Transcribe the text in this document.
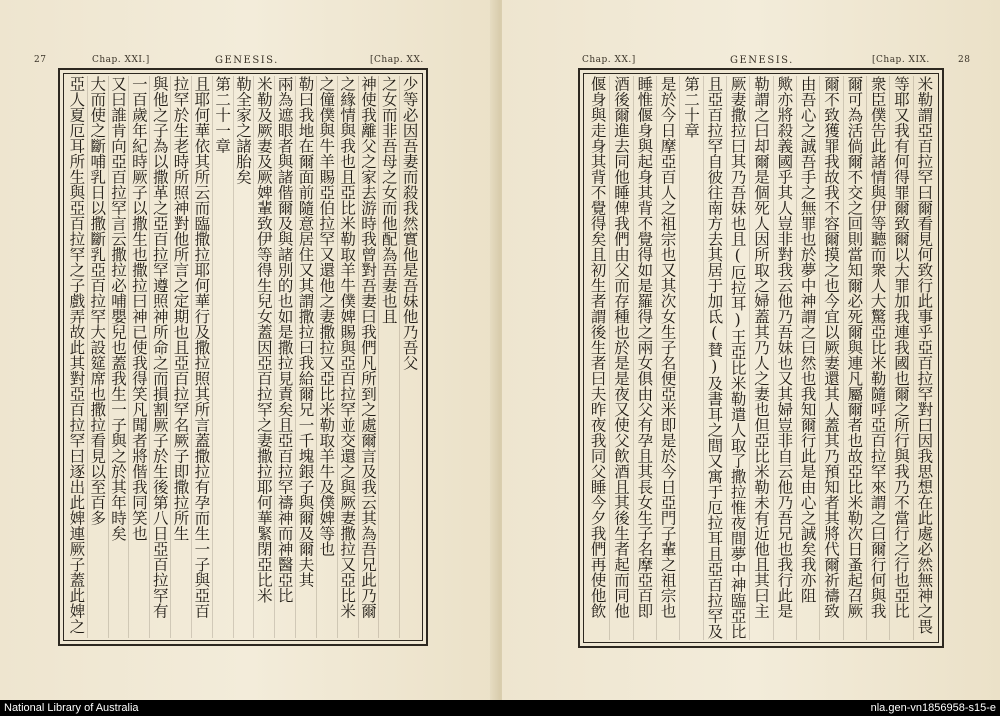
27	Chap. XXI.]	GENESIS.	[Chap. XX.
亞人夏厄耳所生與亞百拉罕之子戲弄故此其對亞百拉罕曰逐出此婢連厥子蓋此婢之 大而使之斷哺乳日以撒斷乳亞百拉罕大設筵席也撒拉看見以至百多 又曰誰肯向亞百拉罕言云撒拉必哺嬰兒也蓋我生一子與之於其年時矣 一百歲年紀時厥子以撒生也撒拉曰神已使我得笑凡聞者將偕我同笑也 與他之子為以撒革之亞百拉罕遵照神所命之而損割厥子於生後第八日亞百拉罕有 拉罕於生老時所照神對他所言之定期也且亞百拉罕名厥子即撒拉所生 且耶何華依其所云而臨撒拉耶何華行及撒拉照其所言蓋撒拉有孕而生一子與亞百 第二十一章 勒全家之諸胎矣 米勒及厥妻及厥婢輩致伊等得生兒女蓋因亞百拉罕之妻撒拉耶何華緊閉亞比米 兩為遮眼者與諸偕爾及與諸別的也如是撒拉見責矣且亞百拉罕禱神而神醫亞比 勒曰我地在爾面前隨意居住又其謂撒拉曰我給爾兄一千塊銀子與爾及爾夫其 之僮僕與牛羊賜亞伯拉罕又還他之妻撒拉又亞比米勒取羊牛及僕婢等也 之緣情與我也且亞比米勒取羊牛僕婢賜與亞百拉罕並交還之與厥妻撒拉又亞比米 神使我離父之家去游時我曾對吾妻曰我們凡所到之處爾言及我云其為吾兄此乃爾 之女而非吾母之女而他配為吾妻也且 少等必因吾妻而殺我然實他是吾妹他乃吾父
Chap. XX.]	GENESIS.	[Chap. XIX.	28
偃身與走身其背不覺得矣且初生者謂後生者曰夫昨夜我同父睡今夕我們再使他飲 酒後爾進去同他睡俾我們由父而存種也於是是夜又使父飲酒且其後生者起而同他 睡惟偃身與起身其背不覺得如是羅得之兩女俱由父有孕且其長女生子名摩亞百即 是於今日摩亞百人之祖宗也又其次女生子名便亞米即是於今日亞門子輩之祖宗也 第二十章 且亞百拉罕自彼往南方去其居于加氐(賛)及書耳之間又寓于厄拉耳且亞百拉罕及 厥妻撒拉曰其乃吾妹也且(厄拉耳)王亞比米勒遣人取了撒拉惟夜間夢中神臨亞比
勒謂之曰却爾是個死人因所取之婦蓋其乃人之妻也但亞比米勒未有近他且其曰主 歟亦將殺義國乎其人豈非對我云他乃吾妹也又其婦豈非自云他乃吾兄也我行此是 由吾心之誠吾手之無罪也於夢中神謂之曰然也我知爾行此是由心之誠矣我亦阻 爾不致獲罪我故我不容爾摸之也今宜以厥妻還其人蓋其乃預知者其將代爾祈禱致 爾可為活倘爾不交之回則當知爾必死爾與連凡屬爾者也故亞比米勒次日蚤起召厥 衆臣僕告此諸情與伊等聽而衆人大驚亞比米勒隨呼亞百拉罕來謂之曰爾行何與我 等耶又我有何得罪爾致爾以大罪加我連我國也爾之所行與我乃不當行之行也亞比 米勒謂亞百拉罕曰爾看見何致行此事乎亞百拉罕對曰因我思想在此處必然無神之畏
National Library of Australia	nla.gen-vn1856958-s15-e
